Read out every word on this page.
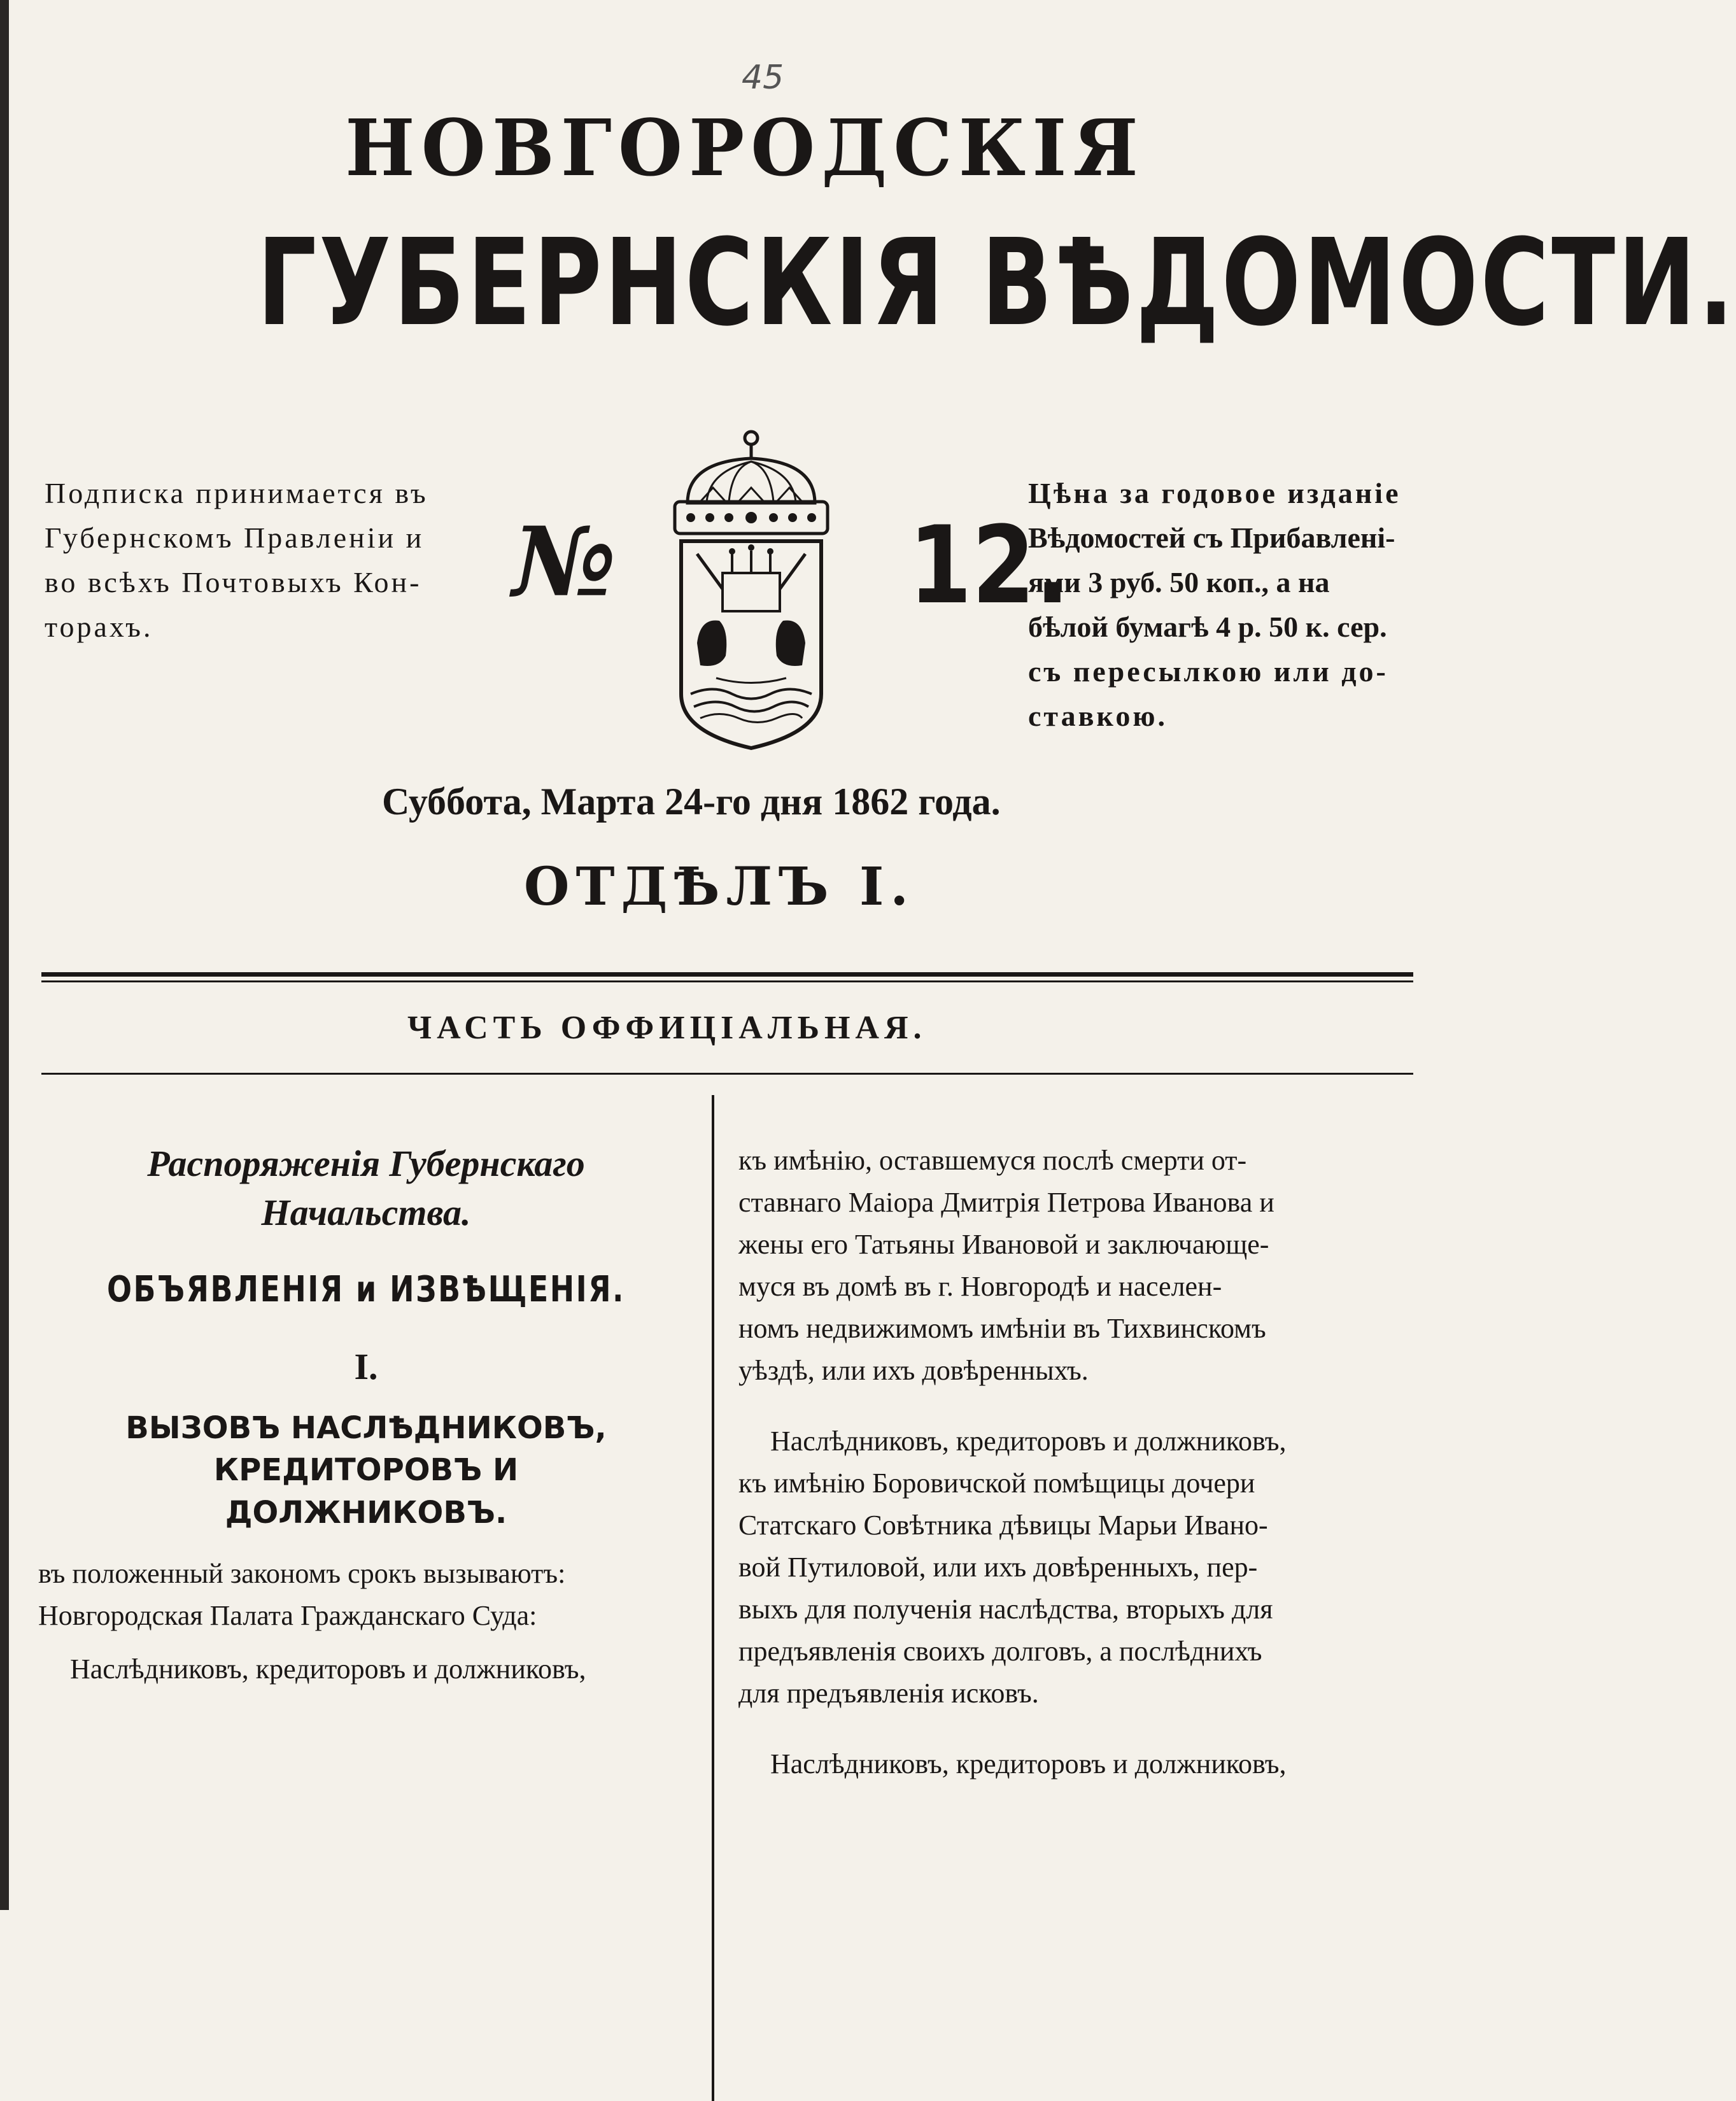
45
НОВГОРОДСКІЯ
ГУБЕРНСКІЯ ВѢДОМОСТИ.
Подписка принимается въ
Губернскомъ Правленіи и
во всѣхъ Почтовыхъ Кон-
торахъ.
№	12.
Цѣна за годовое изданіе
Вѣдомостей съ Прибавлені-
ями 3 руб. 50 коп., а на
бѣлой бумагѣ 4 р. 50 к. сер.
съ пересылкою или до-
ставкою.
Суббота, Марта 24-го дня 1862 года.
ОТДѢЛЪ I.
ЧАСТЬ ОФФИЦІАЛЬНАЯ.
Распоряженія Губернскаго
Начальства.
ОБЪЯВЛЕНІЯ и ИЗВѢЩЕНІЯ.
I.
ВЫЗОВЪ НАСЛѢДНИКОВЪ, КРЕДИТОРОВЪ И
ДОЛЖНИКОВЪ.
въ положенный закономъ срокъ вызываютъ:
Новгородская Палата Гражданскаго Суда:
Наслѣдниковъ, кредиторовъ и должниковъ,
къ имѣнію, оставшемуся послѣ смерти от-
ставнаго Маіора Дмитрія Петрова Иванова и
жены его Татьяны Ивановой и заключающе-
муся въ домѣ въ г. Новгородѣ и населен-
номъ недвижимомъ имѣніи въ Тихвинскомъ
уѣздѣ, или ихъ довѣренныхъ.
Наслѣдниковъ, кредиторовъ и должниковъ,
къ имѣнію Боровичской помѣщицы дочери
Статскаго Совѣтника дѣвицы Марьи Ивано-
вой Путиловой, или ихъ довѣренныхъ, пер-
выхъ для полученія наслѣдства, вторыхъ для
предъявленія своихъ долговъ, а послѣднихъ
для предъявленія исковъ.
Наслѣдниковъ, кредиторовъ и должниковъ,
